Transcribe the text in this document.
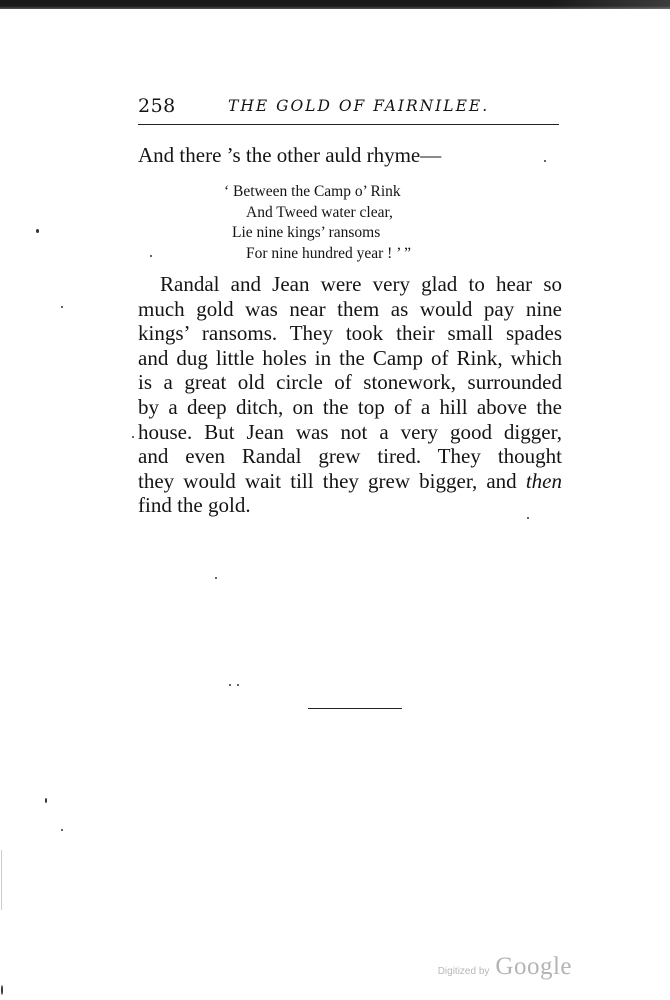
258	THE GOLD OF FAIRNILEE.

And there ’s the other auld rhyme—

‘ Between the Camp o’ Rink
And Tweed water clear,
Lie nine kings’ ransoms
For nine hundred year ! ’ ”
Randal and Jean were very glad to hear so
much gold was near them as would pay nine
kings’ ransoms. They took their small spades
and dug little holes in the Camp of Rink, which
is a great old circle of stonework, surrounded
by a deep ditch, on the top of a hill above the
house. But Jean was not a very good digger,
and even Randal grew tired. They thought
they would wait till they grew bigger, and then
find the gold.
Digitized by Google
